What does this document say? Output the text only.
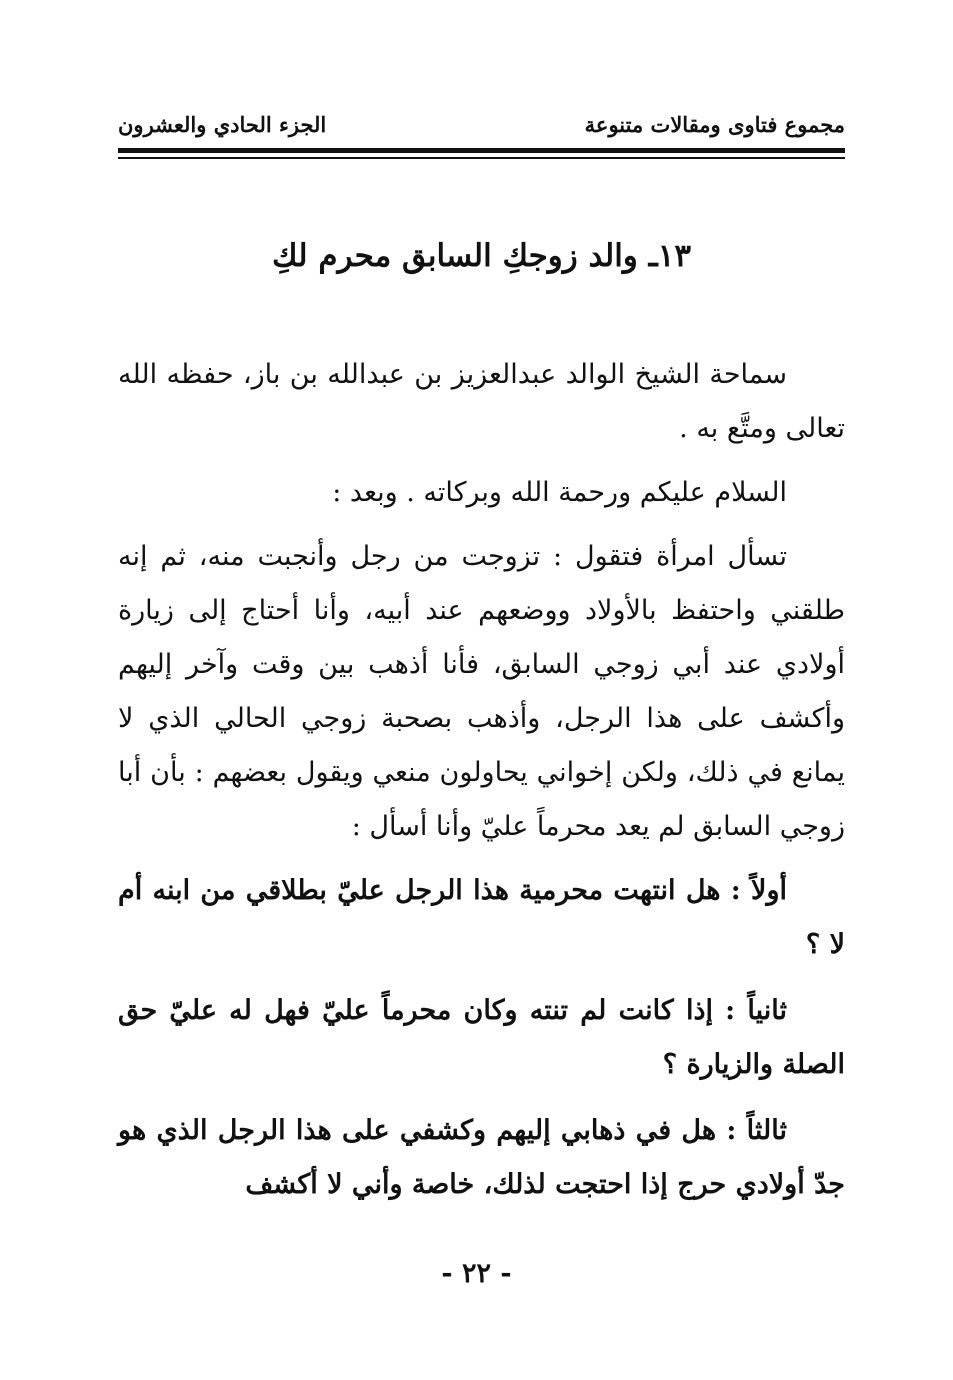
مجموع فتاوى ومقالات متنوعة
الجزء الحادي والعشرون
١٣ـ والد زوجكِ السابق محرم لكِ

سماحة الشيخ الوالد عبدالعزيز بن عبدالله بن باز، حفظه الله تعالى ومتَّع به .

السلام عليكم ورحمة الله وبركاته . وبعد :

تسأل امرأة فتقول : تزوجت من رجل وأنجبت منه، ثم إنه طلقني واحتفظ بالأولاد ووضعهم عند أبيه، وأنا أحتاج إلى زيارة أولادي عند أبي زوجي السابق، فأنا أذهب بين وقت وآخر إليهم وأكشف على هذا الرجل، وأذهب بصحبة زوجي الحالي الذي لا يمانع في ذلك، ولكن إخواني يحاولون منعي ويقول بعضهم : بأن أبا زوجي السابق لم يعد محرماً عليّ وأنا أسأل :

أولاً : هل انتهت محرمية هذا الرجل عليّ بطلاقي من ابنه أم لا ؟

ثانياً : إذا كانت لم تنته وكان محرماً عليّ فهل له عليّ حق الصلة والزيارة ؟

ثالثاً : هل في ذهابي إليهم وكشفي على هذا الرجل الذي هو جدّ أولادي حرج إذا احتجت لذلك، خاصة وأني لا أكشف

- ٢٢ -
